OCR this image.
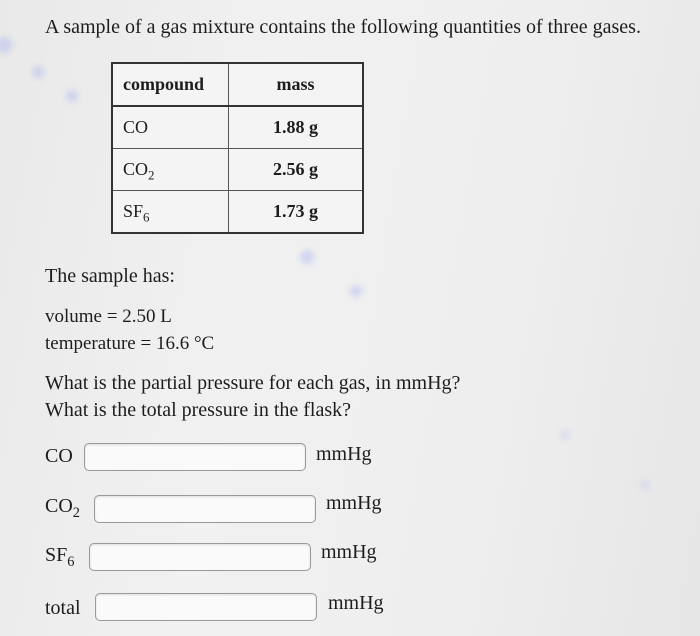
A sample of a gas mixture contains the following quantities of three gases.
compound	mass
CO	1.88 g
$CO_2$	2.56 g
$SF_6$	1.73 g
The sample has:
volume = 2.50 L
temperature = 16.6 °C
What is the partial pressure for each gas, in mmHg?
What is the total pressure in the flask?
CO	mmHg
$CO_2$	mmHg
$SF_6$	mmHg
total	mmHg
